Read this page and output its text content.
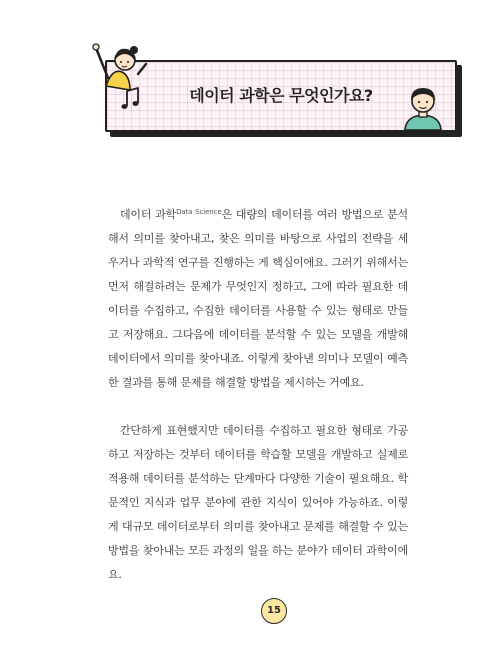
데이터 과학은 무엇인가요?

데이터 과학$^{Data Science}$은 대량의 데이터를 여러 방법으로 분석해서 의미를 찾아내고, 찾은 의미를 바탕으로 사업의 전략을 세우거나 과학적 연구를 진행하는 게 핵심이에요. 그러기 위해서는 먼저 해결하려는 문제가 무엇인지 정하고, 그에 따라 필요한 데이터를 수집하고, 수집한 데이터를 사용할 수 있는 형태로 만들고 저장해요. 그다음에 데이터를 분석할 수 있는 모델을 개발해 데이터에서 의미를 찾아내죠. 이렇게 찾아낸 의미나 모델이 예측한 결과를 통해 문제를 해결할 방법을 제시하는 거예요.

간단하게 표현했지만 데이터를 수집하고 필요한 형태로 가공하고 저장하는 것부터 데이터를 학습할 모델을 개발하고 실제로 적용해 데이터를 분석하는 단계마다 다양한 기술이 필요해요. 학문적인 지식과 업무 분야에 관한 지식이 있어야 가능하죠. 이렇게 대규모 데이터로부터 의미를 찾아내고 문제를 해결할 수 있는 방법을 찾아내는 모든 과정의 일을 하는 분야가 데이터 과학이에요.

15
